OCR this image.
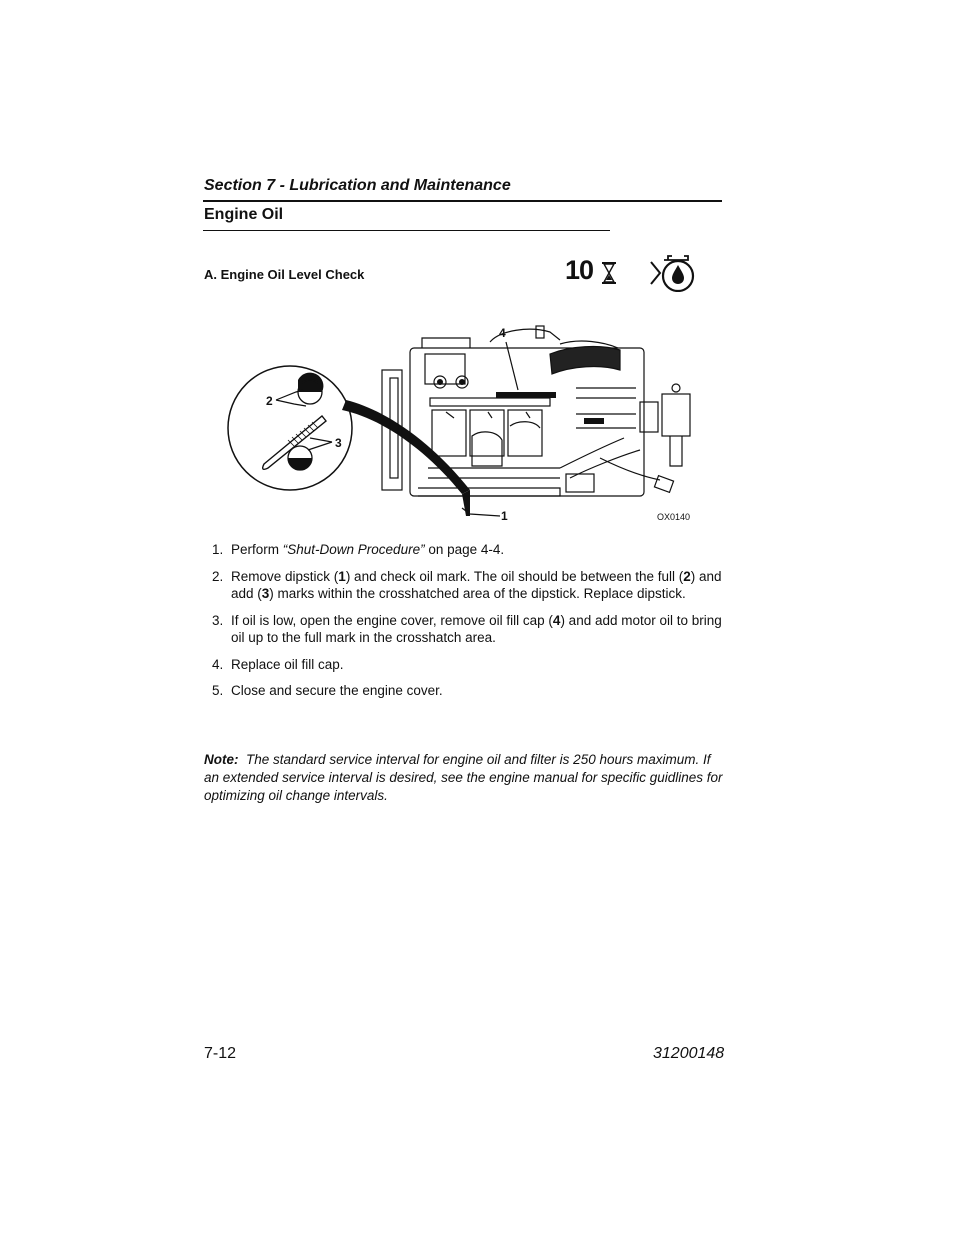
Section 7 - Lubrication and Maintenance
Engine Oil
A. Engine Oil Level Check	10
4
2
3
1	OX0140
1. Perform “Shut-Down Procedure” on page 4-4.
2. Remove dipstick (1) and check oil mark. The oil should be between the full (2) and add (3) marks within the crosshatched area of the dipstick. Replace dipstick.
3. If oil is low, open the engine cover, remove oil fill cap (4) and add motor oil to bring oil up to the full mark in the crosshatch area.
4. Replace oil fill cap.
5. Close and secure the engine cover.
Note: The standard service interval for engine oil and filter is 250 hours maximum. If an extended service interval is desired, see the engine manual for specific guidlines for optimizing oil change intervals.
7-12	31200148
